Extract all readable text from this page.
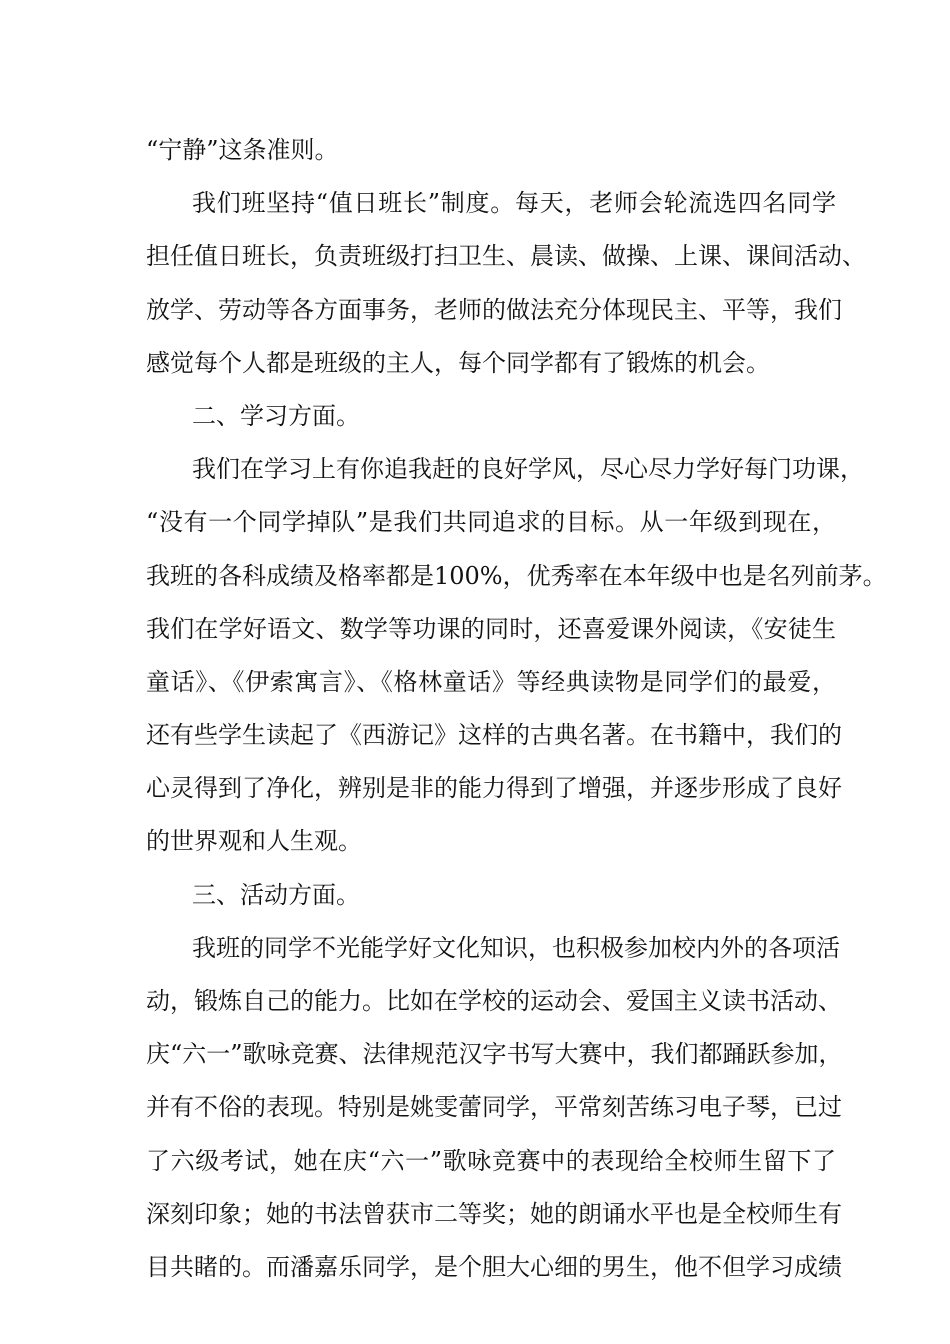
“宁静”这条准则。
我们班坚持“值日班长”制度。每天，老师会轮流选四名同学
担任值日班长，负责班级打扫卫生、晨读、做操、上课、课间活动、
放学、劳动等各方面事务，老师的做法充分体现民主、平等，我们
感觉每个人都是班级的主人，每个同学都有了锻炼的机会。
二、学习方面。
我们在学习上有你追我赶的良好学风，尽心尽力学好每门功课，
“没有一个同学掉队”是我们共同追求的目标。从一年级到现在，
我班的各科成绩及格率都是100%，优秀率在本年级中也是名列前茅。
我们在学好语文、数学等功课的同时，还喜爱课外阅读，《安徒生
童话》、《伊索寓言》、《格林童话》等经典读物是同学们的最爱，
还有些学生读起了《西游记》这样的古典名著。在书籍中，我们的
心灵得到了净化，辨别是非的能力得到了增强，并逐步形成了良好
的世界观和人生观。
三、活动方面。
我班的同学不光能学好文化知识，也积极参加校内外的各项活
动，锻炼自己的能力。比如在学校的运动会、爱国主义读书活动、
庆“六一”歌咏竞赛、法律规范汉字书写大赛中，我们都踊跃参加，
并有不俗的表现。特别是姚雯蕾同学，平常刻苦练习电子琴，已过
了六级考试，她在庆“六一”歌咏竞赛中的表现给全校师生留下了
深刻印象；她的书法曾获市二等奖；她的朗诵水平也是全校师生有
目共睹的。而潘嘉乐同学，是个胆大心细的男生，他不但学习成绩
